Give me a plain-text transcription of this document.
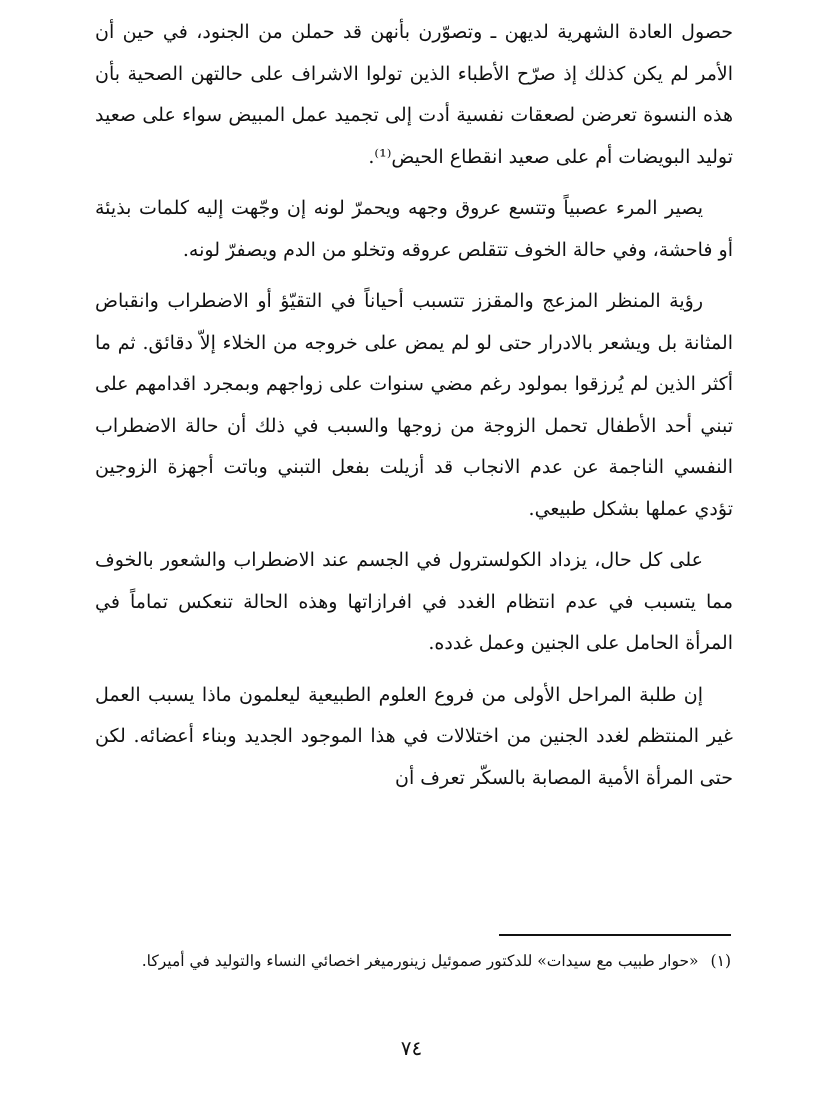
حصول العادة الشهرية لديهن ـ وتصوّرن بأنهن قد حملن من الجنود، في حين أن الأمر لم يكن كذلك إذ صرّح الأطباء الذين تولوا الاشراف على حالتهن الصحية بأن هذه النسوة تعرضن لصعقات نفسية أدت إلى تجميد عمل المبيض سواء على صعيد توليد البويضات أم على صعيد انقطاع الحيض⁽¹⁾.

يصير المرء عصبياً وتتسع عروق وجهه ويحمرّ لونه إن وجّهت إليه كلمات بذيئة أو فاحشة، وفي حالة الخوف تتقلص عروقه وتخلو من الدم ويصفرّ لونه.

رؤية المنظر المزعج والمقزز تتسبب أحياناً في التقيّؤ أو الاضطراب وانقباض المثانة بل ويشعر بالادرار حتى لو لم يمض على خروجه من الخلاء إلاّ دقائق. ثم ما أكثر الذين لم يُرزقوا بمولود رغم مضي سنوات على زواجهم وبمجرد اقدامهم على تبني أحد الأطفال تحمل الزوجة من زوجها والسبب في ذلك أن حالة الاضطراب النفسي الناجمة عن عدم الانجاب قد أزيلت بفعل التبني وباتت أجهزة الزوجين تؤدي عملها بشكل طبيعي.

على كل حال، يزداد الكولسترول في الجسم عند الاضطراب والشعور بالخوف مما يتسبب في عدم انتظام الغدد في افرازاتها وهذه الحالة تنعكس تماماً في المرأة الحامل على الجنين وعمل غدده.

إن طلبة المراحل الأولى من فروع العلوم الطبيعية ليعلمون ماذا يسبب العمل غير المنتظم لغدد الجنين من اختلالات في هذا الموجود الجديد وبناء أعضائه. لكن حتى المرأة الأمية المصابة بالسكّر تعرف أن

(١)«حوار طبيب مع سيدات» للدكتور صموئيل زينورميغر اخصائي النساء والتوليد في أميركا.
٧٤
